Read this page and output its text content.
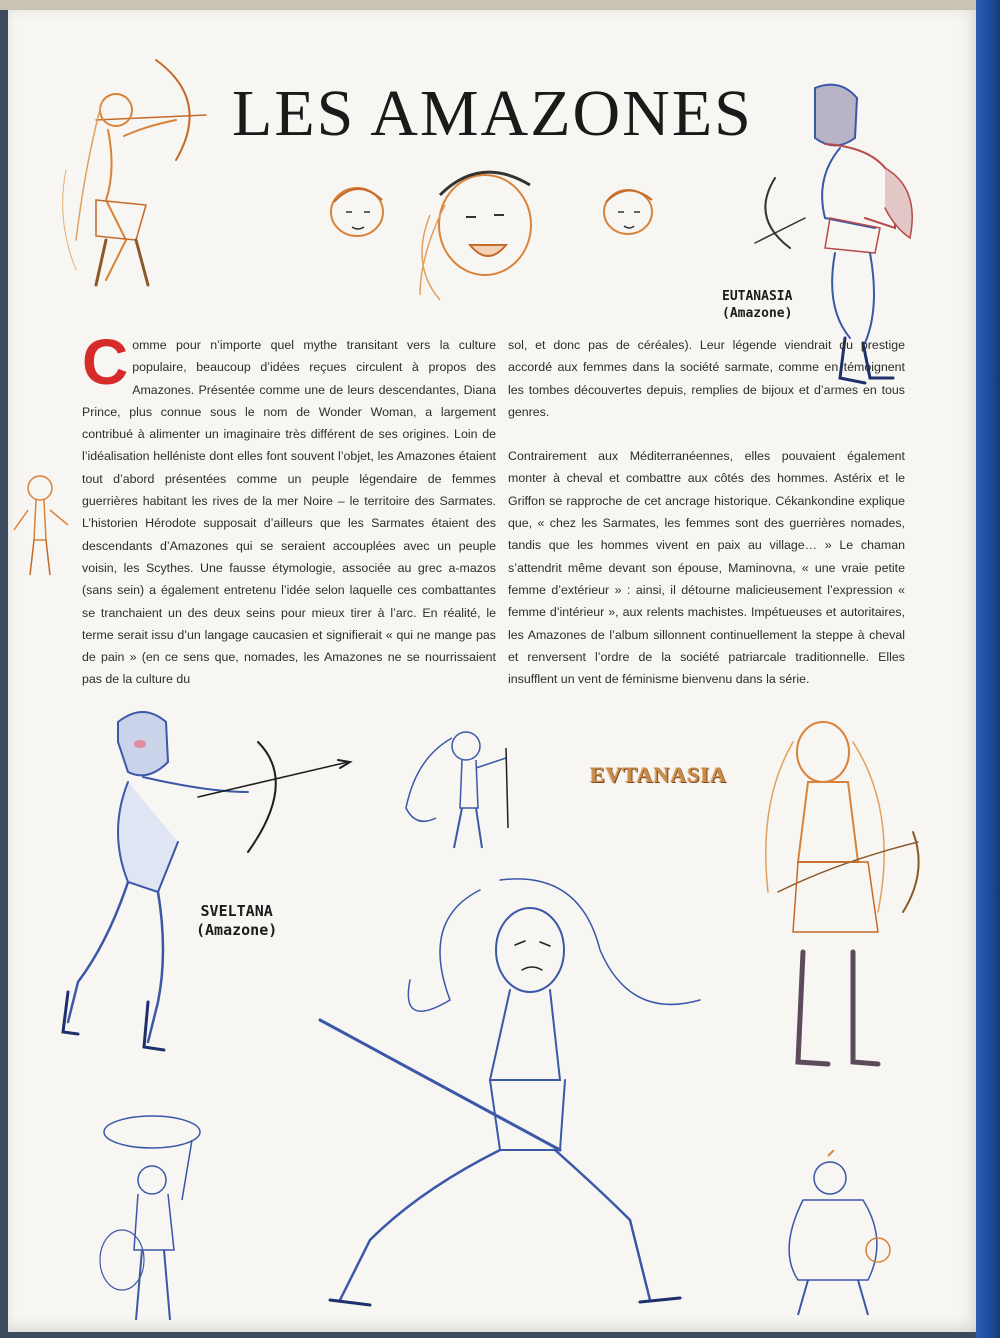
LES AMAZONES
EUTANASIA
(Amazone)

Comme pour n’importe quel mythe transitant vers la culture populaire, beaucoup d’idées reçues circulent à propos des Amazones. Présentée comme une de leurs descendantes, Diana Prince, plus connue sous le nom de Wonder Woman, a largement contribué à alimenter un imaginaire très différent de ses origines. Loin de l’idéalisation helléniste dont elles font souvent l’objet, les Amazones étaient tout d’abord présentées comme un peuple légendaire de femmes guerrières habitant les rives de la mer Noire – le territoire des Sarmates. L’historien Hérodote supposait d’ailleurs que les Sarmates étaient des descendants d’Amazones qui se seraient accouplées avec un peuple voisin, les Scythes. Une fausse étymologie, associée au grec a-mazos (sans sein) a également entretenu l’idée selon laquelle ces combattantes se tranchaient un des deux seins pour mieux tirer à l’arc. En réalité, le terme serait issu d’un langage caucasien et signifierait « qui ne mange pas de pain » (en ce sens que, nomades, les Amazones ne se nourrissaient pas de la culture du

sol, et donc pas de céréales). Leur légende viendrait du prestige accordé aux femmes dans la société sarmate, comme en témoignent les tombes découvertes depuis, remplies de bijoux et d’armes en tous genres.

Contrairement aux Méditerranéennes, elles pouvaient également monter à cheval et combattre aux côtés des hommes. Astérix et le Griffon se rapproche de cet ancrage historique. Cékankondine explique que, « chez les Sarmates, les femmes sont des guerrières nomades, tandis que les hommes vivent en paix au village… » Le chaman s’attendrit même devant son épouse, Maminovna, « une vraie petite femme d’extérieur » : ainsi, il détourne malicieusement l’expression « femme d’intérieur », aux relents machistes. Impétueuses et autoritaires, les Amazones de l’album sillonnent continuellement la steppe à cheval et renversent l’ordre de la société patriarcale traditionnelle. Elles insufflent un vent de féminisme bienvenu dans la série.

SVELTANA
(Amazone)
EVTANASIA
